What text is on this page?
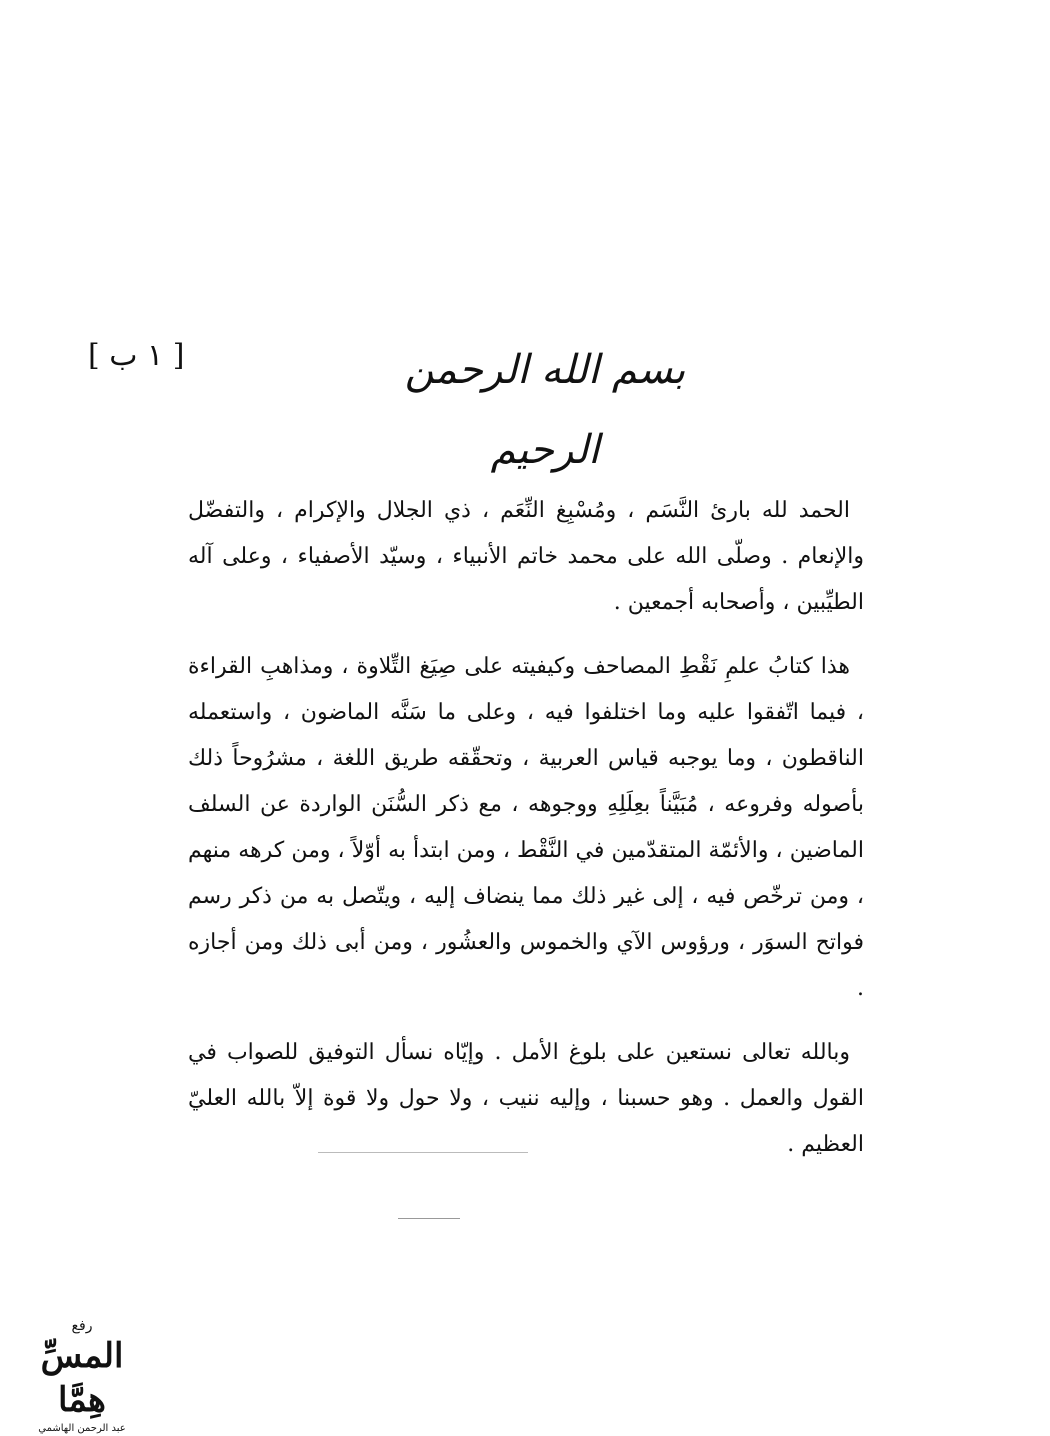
[ ١ ب ]	بسم الله الرحمن الرحيم

الحمد لله بارئ النَّسَم ، ومُسْبِغ النِّعَم ، ذي الجلال والإكرام ، والتفضّل والإنعام . وصلّى الله على محمد خاتم الأنبياء ، وسيّد الأصفياء ، وعلى آله الطيِّبين ، وأصحابه أجمعين .

هذا كتابُ علمِ نَقْطِ المصاحف وكيفيته على صِيَغ التِّلاوة ، ومذاهبِ القراءة ، فيما اتّفقوا عليه وما اختلفوا فيه ، وعلى ما سَنَّه الماضون ، واستعمله الناقطون ، وما يوجبه قياس العربية ، وتحقّقه طريق اللغة ، مشرُوحاً ذلك بأصوله وفروعه ، مُبَيَّناً بعِلَلِهِ ووجوهه ، مع ذكر السُّنَن الواردة عن السلف الماضين ، والأئمّة المتقدّمين في النَّقْط ، ومن ابتدأ به أوّلاً ، ومن كرهه منهم ، ومن ترخّص فيه ، إلى غير ذلك مما ينضاف إليه ، ويتّصل به من ذكر رسم فواتح السوَر ، ورؤوس الآي والخموس والعشُور ، ومن أبى ذلك ومن أجازه .

وبالله تعالى نستعين على بلوغ الأمل . وإيّاه نسأل التوفيق للصواب في القول والعمل . وهو حسبنا ، وإليه ننيب ، ولا حول ولا قوة إلاّ بالله العليّ العظيم .

رفع
المسِّ هِمَّا
عبد الرحمن الهاشمي
